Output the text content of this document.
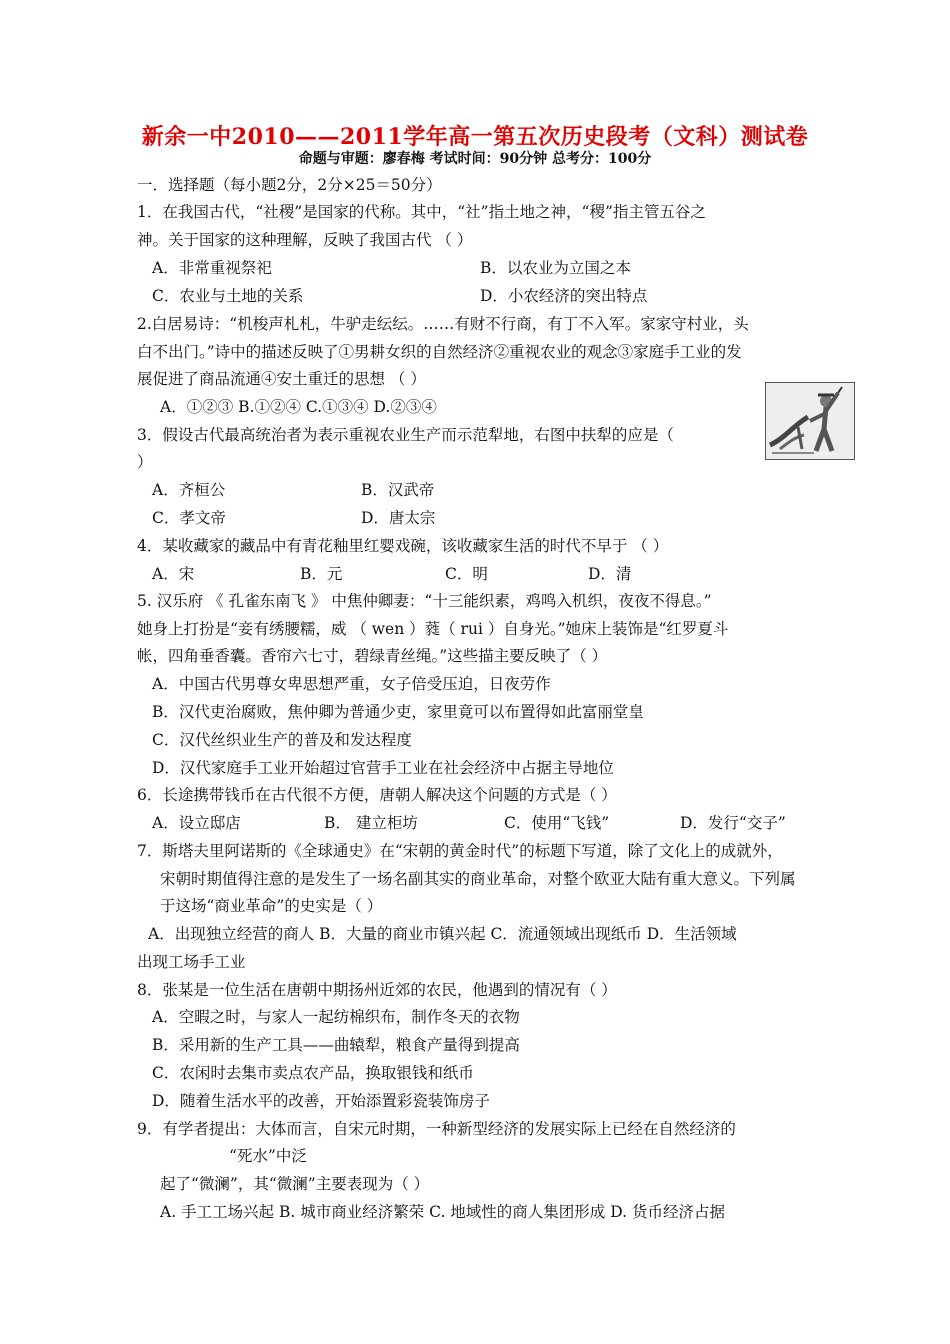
新余一中2010——2011学年高一第五次历史段考（文科）测试卷
命题与审题：廖春梅 考试时间：90分钟 总考分：100分
一．选择题（每小题2分，2分×25＝50分）
1．在我国古代，“社稷”是国家的代称。其中，“社”指土地之神，“稷”指主管五谷之
神。关于国家的这种理解，反映了我国古代 （ ）
A．非常重视祭祀	B．以农业为立国之本
C．农业与土地的关系	D．小农经济的突出特点
2.白居易诗：“机梭声札札，牛驴走纭纭。……有财不行商，有丁不入军。家家守村业，头
白不出门。”诗中的描述反映了①男耕女织的自然经济②重视农业的观念③家庭手工业的发
展促进了商品流通④安土重迁的思想 （ ）
A．①②③ B.①②④ C.①③④ D.②③④
3．假设古代最高统治者为表示重视农业生产而示范犁地，右图中扶犁的应是（
）
A．齐桓公	B．汉武帝
C．孝文帝	D．唐太宗
4．某收藏家的藏品中有青花釉里红婴戏碗，该收藏家生活的时代不早于 （ ）
A．宋	B．元	C．明	D．清
5. 汉乐府 《 孔雀东南飞 》 中焦仲卿妻：“十三能织素，鸡鸣入机织，夜夜不得息。”
她身上打扮是“妾有绣腰糯，威 （ wen ）蕤（ rui ）自身光。”她床上装饰是“红罗夏斗
帐，四角垂香囊。香帘六七寸，碧绿青丝绳。”这些描主要反映了（ ）
A．中国古代男尊女卑思想严重，女子倍受压迫，日夜劳作
B．汉代吏治腐败，焦仲卿为普通少吏，家里竟可以布置得如此富丽堂皇
C．汉代丝织业生产的普及和发达程度
D．汉代家庭手工业开始超过官营手工业在社会经济中占据主导地位
6．长途携带钱币在古代很不方便，唐朝人解决这个问题的方式是（ ）
A．设立邸店	B． 建立柜坊	C．使用“飞钱”	D．发行“交子”
7．斯塔夫里阿诺斯的《全球通史》在“宋朝的黄金时代”的标题下写道，除了文化上的成就外，
宋朝时期值得注意的是发生了一场名副其实的商业革命，对整个欧亚大陆有重大意义。下列属
于这场“商业革命”的史实是（ ）
A．出现独立经营的商人 B．大量的商业市镇兴起 C．流通领域出现纸币 D．生活领域
出现工场手工业
8．张某是一位生活在唐朝中期扬州近郊的农民，他遇到的情况有（ ）
A．空暇之时，与家人一起纺棉织布，制作冬天的衣物
B．采用新的生产工具——曲辕犁，粮食产量得到提高
C．农闲时去集市卖点农产品，换取银钱和纸币
D．随着生活水平的改善，开始添置彩瓷装饰房子
9．有学者提出：大体而言，自宋元时期，一种新型经济的发展实际上已经在自然经济的
“死水”中泛
起了“微澜”，其“微澜”主要表现为（ ）
A. 手工工场兴起 B. 城市商业经济繁荣 C. 地域性的商人集团形成 D. 货币经济占据
